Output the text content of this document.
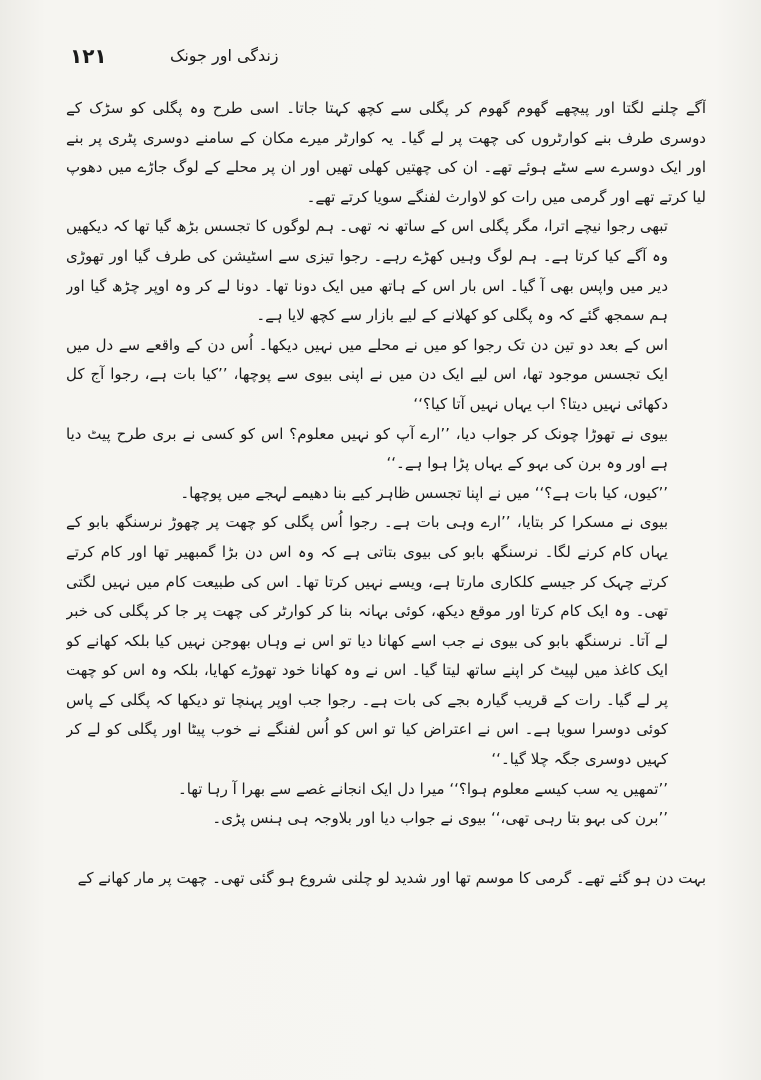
۱۲۱	زندگی اور جونک

آگے چلنے لگتا اور پیچھے گھوم گھوم کر پگلی سے کچھ کہتا جاتا۔ اسی طرح وہ پگلی کو سڑک کے دوسری طرف بنے کوارٹروں کی چھت پر لے گیا۔ یہ کوارٹر میرے مکان کے سامنے دوسری پٹری پر بنے اور ایک دوسرے سے سٹے ہوئے تھے۔ ان کی چھتیں کھلی تھیں اور ان پر محلے کے لوگ جاڑے میں دھوپ لیا کرتے تھے اور گرمی میں رات کو لاوارث لفنگے سویا کرتے تھے۔

تبھی رجوا نیچے اترا، مگر پگلی اس کے ساتھ نہ تھی۔ ہم لوگوں کا تجسس بڑھ گیا تھا کہ دیکھیں وہ آگے کیا کرتا ہے۔ ہم لوگ وہیں کھڑے رہے۔ رجوا تیزی سے اسٹیشن کی طرف گیا اور تھوڑی دیر میں واپس بھی آ گیا۔ اس بار اس کے ہاتھ میں ایک دونا تھا۔ دونا لے کر وہ اوپر چڑھ گیا اور ہم سمجھ گئے کہ وہ پگلی کو کھلانے کے لیے بازار سے کچھ لایا ہے۔

اس کے بعد دو تین دن تک رجوا کو میں نے محلے میں نہیں دیکھا۔ اُس دن کے واقعے سے دل میں ایک تجسس موجود تھا، اس لیے ایک دن میں نے اپنی بیوی سے پوچھا، ’’کیا بات ہے، رجوا آج کل دکھائی نہیں دیتا؟ اب یہاں نہیں آتا کیا؟‘‘

بیوی نے تھوڑا چونک کر جواب دیا، ’’ارے آپ کو نہیں معلوم؟ اس کو کسی نے بری طرح پیٹ دیا ہے اور وہ برن کی بہو کے یہاں پڑا ہوا ہے۔‘‘

’’کیوں، کیا بات ہے؟‘‘ میں نے اپنا تجسس ظاہر کیے بنا دھیمے لہجے میں پوچھا۔

بیوی نے مسکرا کر بتایا، ’’ارے وہی بات ہے۔ رجوا اُس پگلی کو چھت پر چھوڑ نرسنگھ بابو کے یہاں کام کرنے لگا۔ نرسنگھ بابو کی بیوی بتاتی ہے کہ وہ اس دن بڑا گمبھیر تھا اور کام کرتے کرتے چہک کر جیسے کلکاری مارتا ہے، ویسے نہیں کرتا تھا۔ اس کی طبیعت کام میں نہیں لگتی تھی۔ وہ ایک کام کرتا اور موقع دیکھ، کوئی بہانہ بنا کر کوارٹر کی چھت پر جا کر پگلی کی خبر لے آتا۔ نرسنگھ بابو کی بیوی نے جب اسے کھانا دیا تو اس نے وہاں بھوجن نہیں کیا بلکہ کھانے کو ایک کاغذ میں لپیٹ کر اپنے ساتھ لیتا گیا۔ اس نے وہ کھانا خود تھوڑے کھایا، بلکہ وہ اس کو چھت پر لے گیا۔ رات کے قریب گیارہ بجے کی بات ہے۔ رجوا جب اوپر پہنچا تو دیکھا کہ پگلی کے پاس کوئی دوسرا سویا ہے۔ اس نے اعتراض کیا تو اس کو اُس لفنگے نے خوب پیٹا اور پگلی کو لے کر کہیں دوسری جگہ چلا گیا۔‘‘

’’تمھیں یہ سب کیسے معلوم ہوا؟‘‘ میرا دل ایک انجانے غصے سے بھرا آ رہا تھا۔

’’برن کی بہو بتا رہی تھی،‘‘ بیوی نے جواب دیا اور بلاوجہ ہی ہنس پڑی۔

بہت دن ہو گئے تھے۔ گرمی کا موسم تھا اور شدید لو چلنی شروع ہو گئی تھی۔ چھت پر مار کھانے کے
